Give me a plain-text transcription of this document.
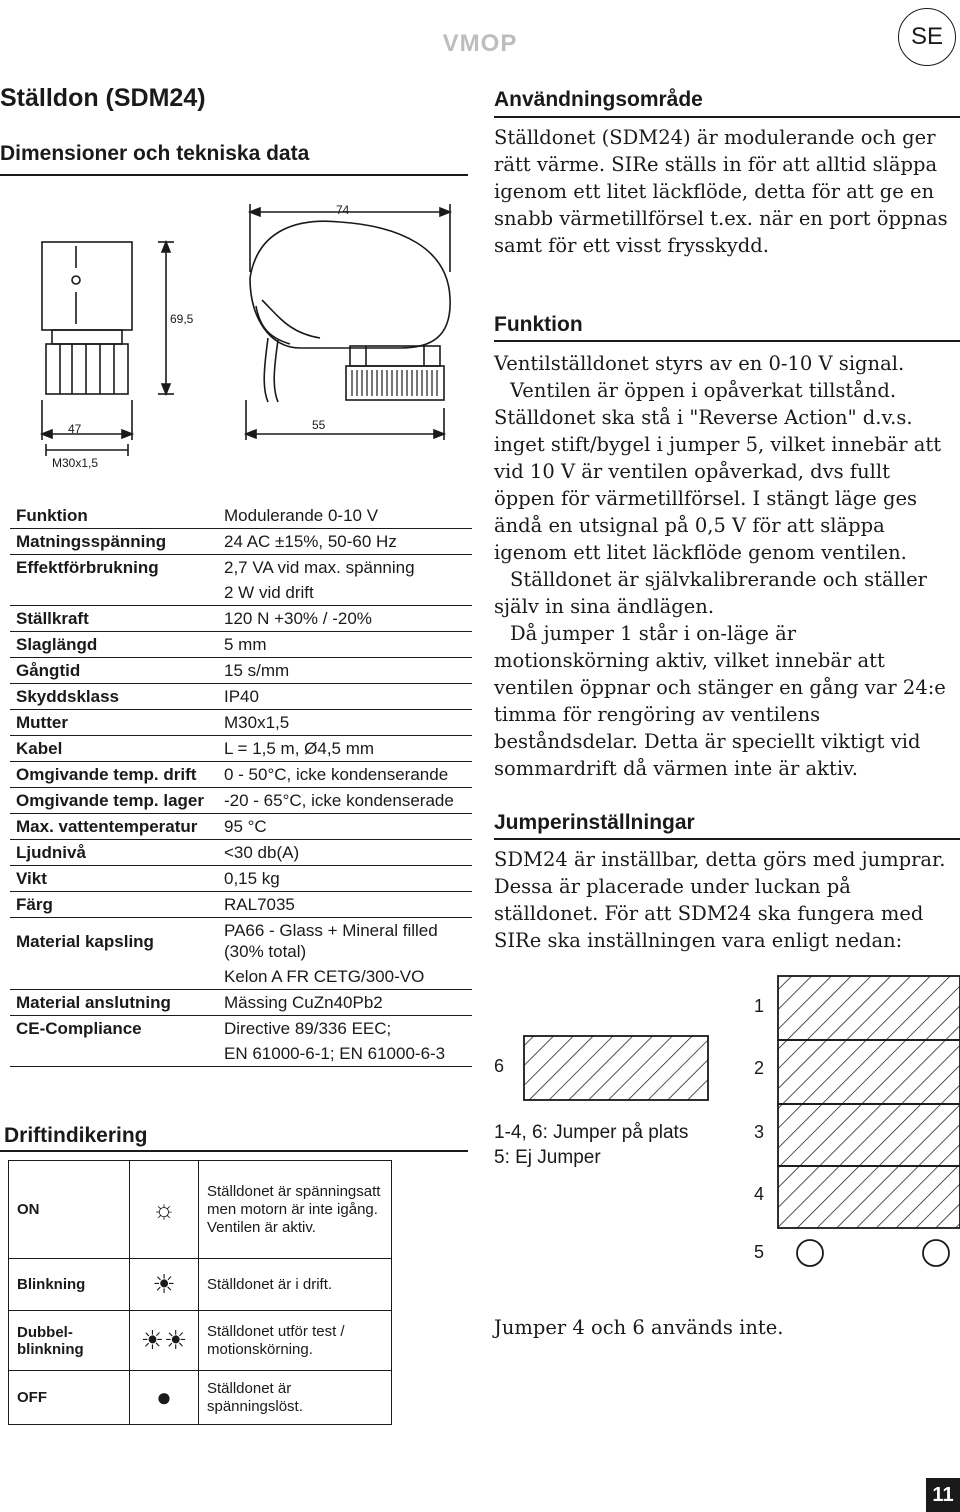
VMOP	SE
Ställdon (SDM24)
Dimensioner och tekniska data
74
69,5
47	55
M30x1,5
Funktion	Modulerande 0-10 V
Matningsspänning	24 AC ±15%, 50-60 Hz
Effektförbrukning	2,7 VA vid max. spänning
	2 W vid drift
Ställkraft	120 N +30% / -20%
Slaglängd	5 mm
Gångtid	15 s/mm
Skyddsklass	IP40
Mutter	M30x1,5
Kabel	L = 1,5 m, Ø4,5 mm
Omgivande temp. drift	0 - 50°C, icke kondenserande
Omgivande temp. lager	-20 - 65°C, icke kondenserade
Max. vattentemperatur	95 °C
Ljudnivå	<30 db(A)
Vikt	0,15 kg
Färg	RAL7035
Material kapsling	PA66 - Glass + Mineral filled (30% total)
	Kelon A FR CETG/300-VO
Material anslutning	Mässing CuZn40Pb2
CE-Compliance	Directive 89/336 EEC;
	EN 61000-6-1; EN 61000-6-3
Driftindikering
ON	☼	Ställdonet är spänningsatt men motorn är inte igång. Ventilen är aktiv.
Blinkning	☀	Ställdonet är i drift.
Dubbel-blinkning	☀☀	Ställdonet utför test / motionskörning.
OFF	●	Ställdonet är spänningslöst.
Användningsområde
Ställdonet (SDM24) är modulerande och ger rätt värme. SIRe ställs in för att alltid släppa igenom ett litet läckflöde, detta för att ge en snabb värmetillförsel t.ex. när en port öppnas samt för ett visst frysskydd.
Funktion

Ventilställdonet styrs av en 0-10 V signal.

Ventilen är öppen i opåverkat tillstånd. Ställdonet ska stå i "Reverse Action" d.v.s. inget stift/bygel i jumper 5, vilket innebär att vid 10 V är ventilen opåverkad, dvs fullt öppen för värmetillförsel. I stängt läge ges ändå en utsignal på 0,5 V för att släppa igenom ett litet läckflöde genom ventilen.

Ställdonet är självkalibrerande och ställer själv in sina ändlägen.

Då jumper 1 står i on-läge är motionskörning aktiv, vilket innebär att ventilen öppnar och stänger en gång var 24:e timma för rengöring av ventilens beståndsdelar. Detta är speciellt viktigt vid sommardrift då värmen inte är aktiv.

Jumperinställningar
SDM24 är inställbar, detta görs med jumprar. Dessa är placerade under luckan på ställdonet. För att SDM24 ska fungera med SIRe ska inställningen vara enligt nedan:
1
2
3
4
5
6
1-4, 6: Jumper på plats
5: Ej Jumper
Jumper 4 och 6 används inte.
11
